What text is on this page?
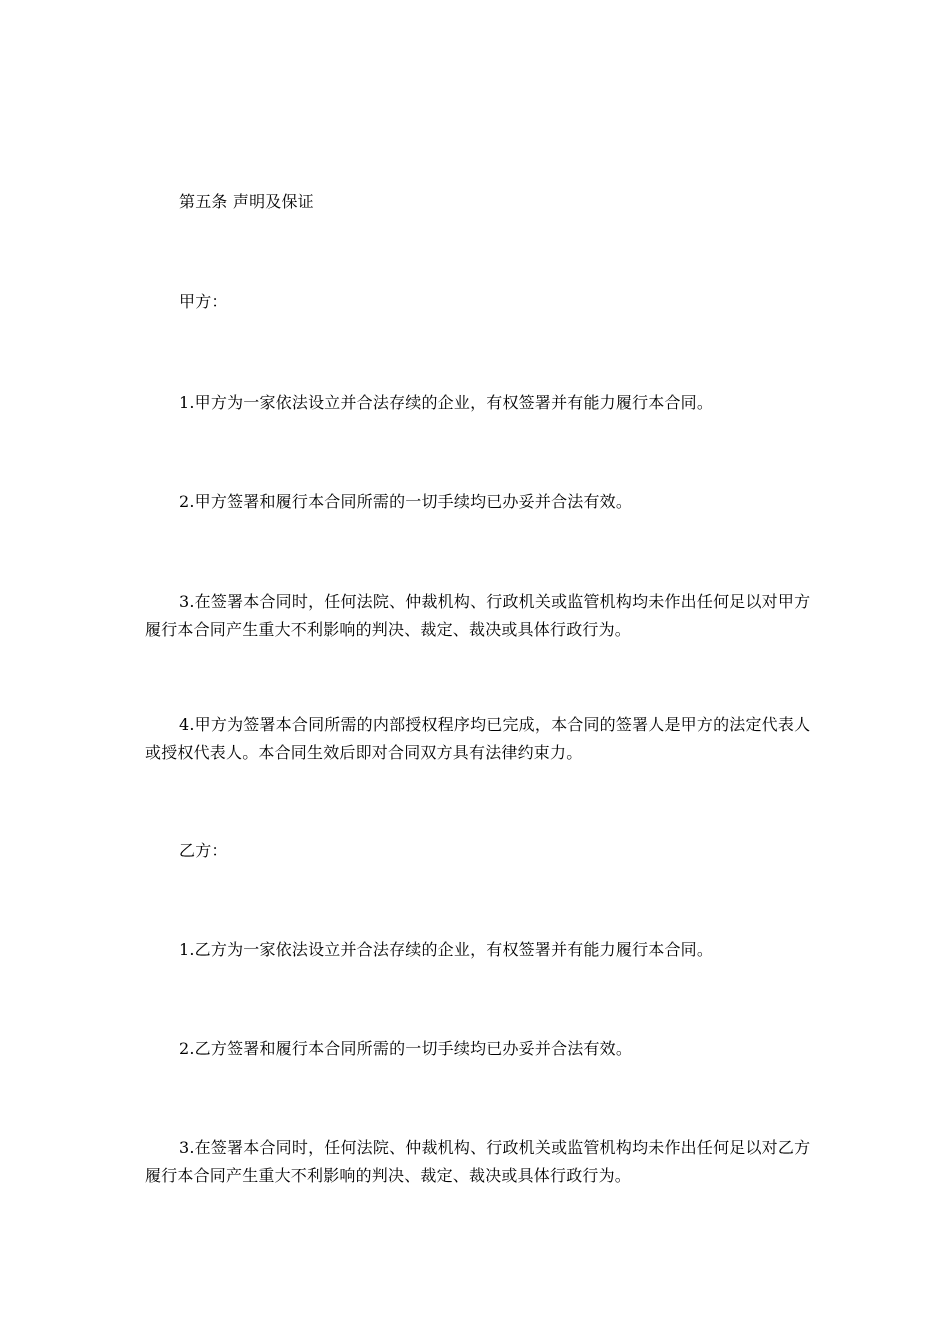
第五条 声明及保证

甲方：

1.甲方为一家依法设立并合法存续的企业，有权签署并有能力履行本合同。

2.甲方签署和履行本合同所需的一切手续均已办妥并合法有效。

3.在签署本合同时，任何法院、仲裁机构、行政机关或监管机构均未作出任何足以对甲方履行本合同产生重大不利影响的判决、裁定、裁决或具体行政行为。

4.甲方为签署本合同所需的内部授权程序均已完成，本合同的签署人是甲方的法定代表人或授权代表人。本合同生效后即对合同双方具有法律约束力。

乙方：

1.乙方为一家依法设立并合法存续的企业，有权签署并有能力履行本合同。

2.乙方签署和履行本合同所需的一切手续均已办妥并合法有效。

3.在签署本合同时，任何法院、仲裁机构、行政机关或监管机构均未作出任何足以对乙方履行本合同产生重大不利影响的判决、裁定、裁决或具体行政行为。
